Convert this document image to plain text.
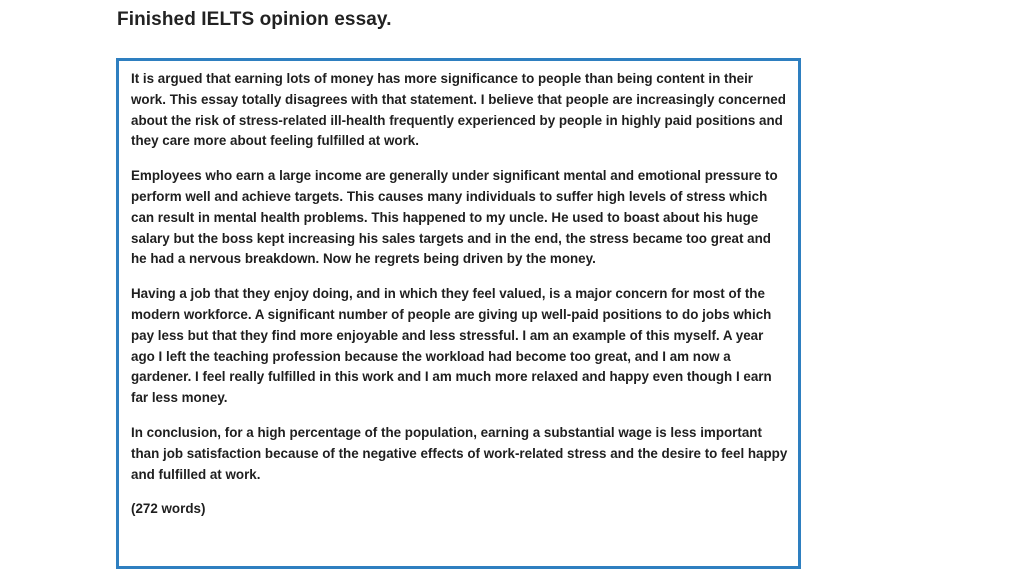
Finished IELTS opinion essay.

It is argued that earning lots of money has more significance to people than being content in their work. This essay totally disagrees with that statement. I believe that people are increasingly concerned about the risk of stress-related ill-health frequently experienced by people in highly paid positions and they care more about feeling fulfilled at work.

Employees who earn a large income are generally under significant mental and emotional pressure to perform well and achieve targets. This causes many individuals to suffer high levels of stress which can result in mental health problems. This happened to my uncle. He used to boast about his huge salary but the boss kept increasing his sales targets and in the end, the stress became too great and he had a nervous breakdown. Now he regrets being driven by the money.

Having a job that they enjoy doing, and in which they feel valued, is a major concern for most of the modern workforce. A significant number of people are giving up well-paid positions to do jobs which pay less but that they find more enjoyable and less stressful. I am an example of this myself. A year ago I left the teaching profession because the workload had become too great, and I am now a gardener. I feel really fulfilled in this work and I am much more relaxed and happy even though I earn far less money.

In conclusion, for a high percentage of the population, earning a substantial wage is less important than job satisfaction because of the negative effects of work-related stress and the desire to feel happy and fulfilled at work.

(272 words)
